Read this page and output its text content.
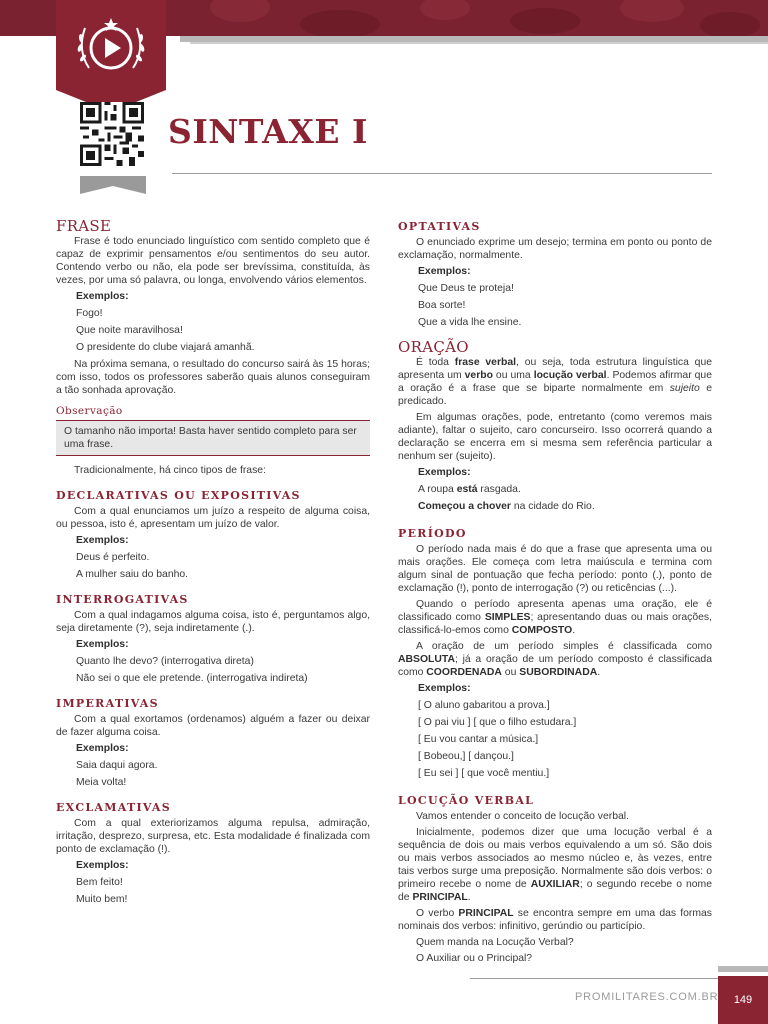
SINTAXE I
FRASE

Frase é todo enunciado linguístico com sentido completo que é capaz de exprimir pensamentos e/ou sentimentos do seu autor. Contendo verbo ou não, ela pode ser brevíssima, constituída, às vezes, por uma só palavra, ou longa, envolvendo vários elementos.

Exemplos:
Fogo!
Que noite maravilhosa!
O presidente do clube viajará amanhã.

Na próxima semana, o resultado do concurso sairá às 15 horas; com isso, todos os professores saberão quais alunos conseguiram a tão sonhada aprovação.

Observação
O tamanho não importa! Basta haver sentido completo para ser uma frase.

Tradicionalmente, há cinco tipos de frase:

DECLARATIVAS OU EXPOSITIVAS

Com a qual enunciamos um juízo a respeito de alguma coisa, ou pessoa, isto é, apresentam um juízo de valor.

Exemplos:
Deus é perfeito.
A mulher saiu do banho.
INTERROGATIVAS

Com a qual indagamos alguma coisa, isto é, perguntamos algo, seja diretamente (?), seja indiretamente (.).

Exemplos:
Quanto lhe devo? (interrogativa direta)
Não sei o que ele pretende. (interrogativa indireta)
IMPERATIVAS

Com a qual exortamos (ordenamos) alguém a fazer ou deixar de fazer alguma coisa.

Exemplos:
Saia daqui agora.
Meia volta!
EXCLAMATIVAS

Com a qual exteriorizamos alguma repulsa, admiração, irritação, desprezo, surpresa, etc. Esta modalidade é finalizada com ponto de exclamação (!).

Exemplos:
Bem feito!
Muito bem!
OPTATIVAS

O enunciado exprime um desejo; termina em ponto ou ponto de exclamação, normalmente.

Exemplos:
Que Deus te proteja!
Boa sorte!
Que a vida lhe ensine.
ORAÇÃO

É toda frase verbal, ou seja, toda estrutura linguística que apresenta um verbo ou uma locução verbal. Podemos afirmar que a oração é a frase que se biparte normalmente em sujeito e predicado.

Em algumas orações, pode, entretanto (como veremos mais adiante), faltar o sujeito, caro concurseiro. Isso ocorrerá quando a declaração se encerra em si mesma sem referência particular a nenhum ser (sujeito).

Exemplos:
A roupa está rasgada.
Começou a chover na cidade do Rio.
PERÍODO

O período nada mais é do que a frase que apresenta uma ou mais orações. Ele começa com letra maiúscula e termina com algum sinal de pontuação que fecha período: ponto (.), ponto de exclamação (!), ponto de interrogação (?) ou reticências (...).

Quando o período apresenta apenas uma oração, ele é classificado como SIMPLES; apresentando duas ou mais orações, classificá-lo-emos como COMPOSTO.

A oração de um período simples é classificada como ABSOLUTA; já a oração de um período composto é classificada como COORDENADA ou SUBORDINADA.

Exemplos:
[ O aluno gabaritou a prova.]
[ O pai viu ] [ que o filho estudara.]
[ Eu vou cantar a música.]
[ Bobeou,] [ dançou.]
[ Eu sei ] [ que você mentiu.]
LOCUÇÃO VERBAL

Vamos entender o conceito de locução verbal.

Inicialmente, podemos dizer que uma locução verbal é a sequência de dois ou mais verbos equivalendo a um só. São dois ou mais verbos associados ao mesmo núcleo e, às vezes, entre tais verbos surge uma preposição. Normalmente são dois verbos: o primeiro recebe o nome de AUXILIAR; o segundo recebe o nome de PRINCIPAL.

O verbo PRINCIPAL se encontra sempre em uma das formas nominais dos verbos: infinitivo, gerúndio ou particípio.

Quem manda na Locução Verbal?

O Auxiliar ou o Principal?

PROMILITARES.COM.BR	149
